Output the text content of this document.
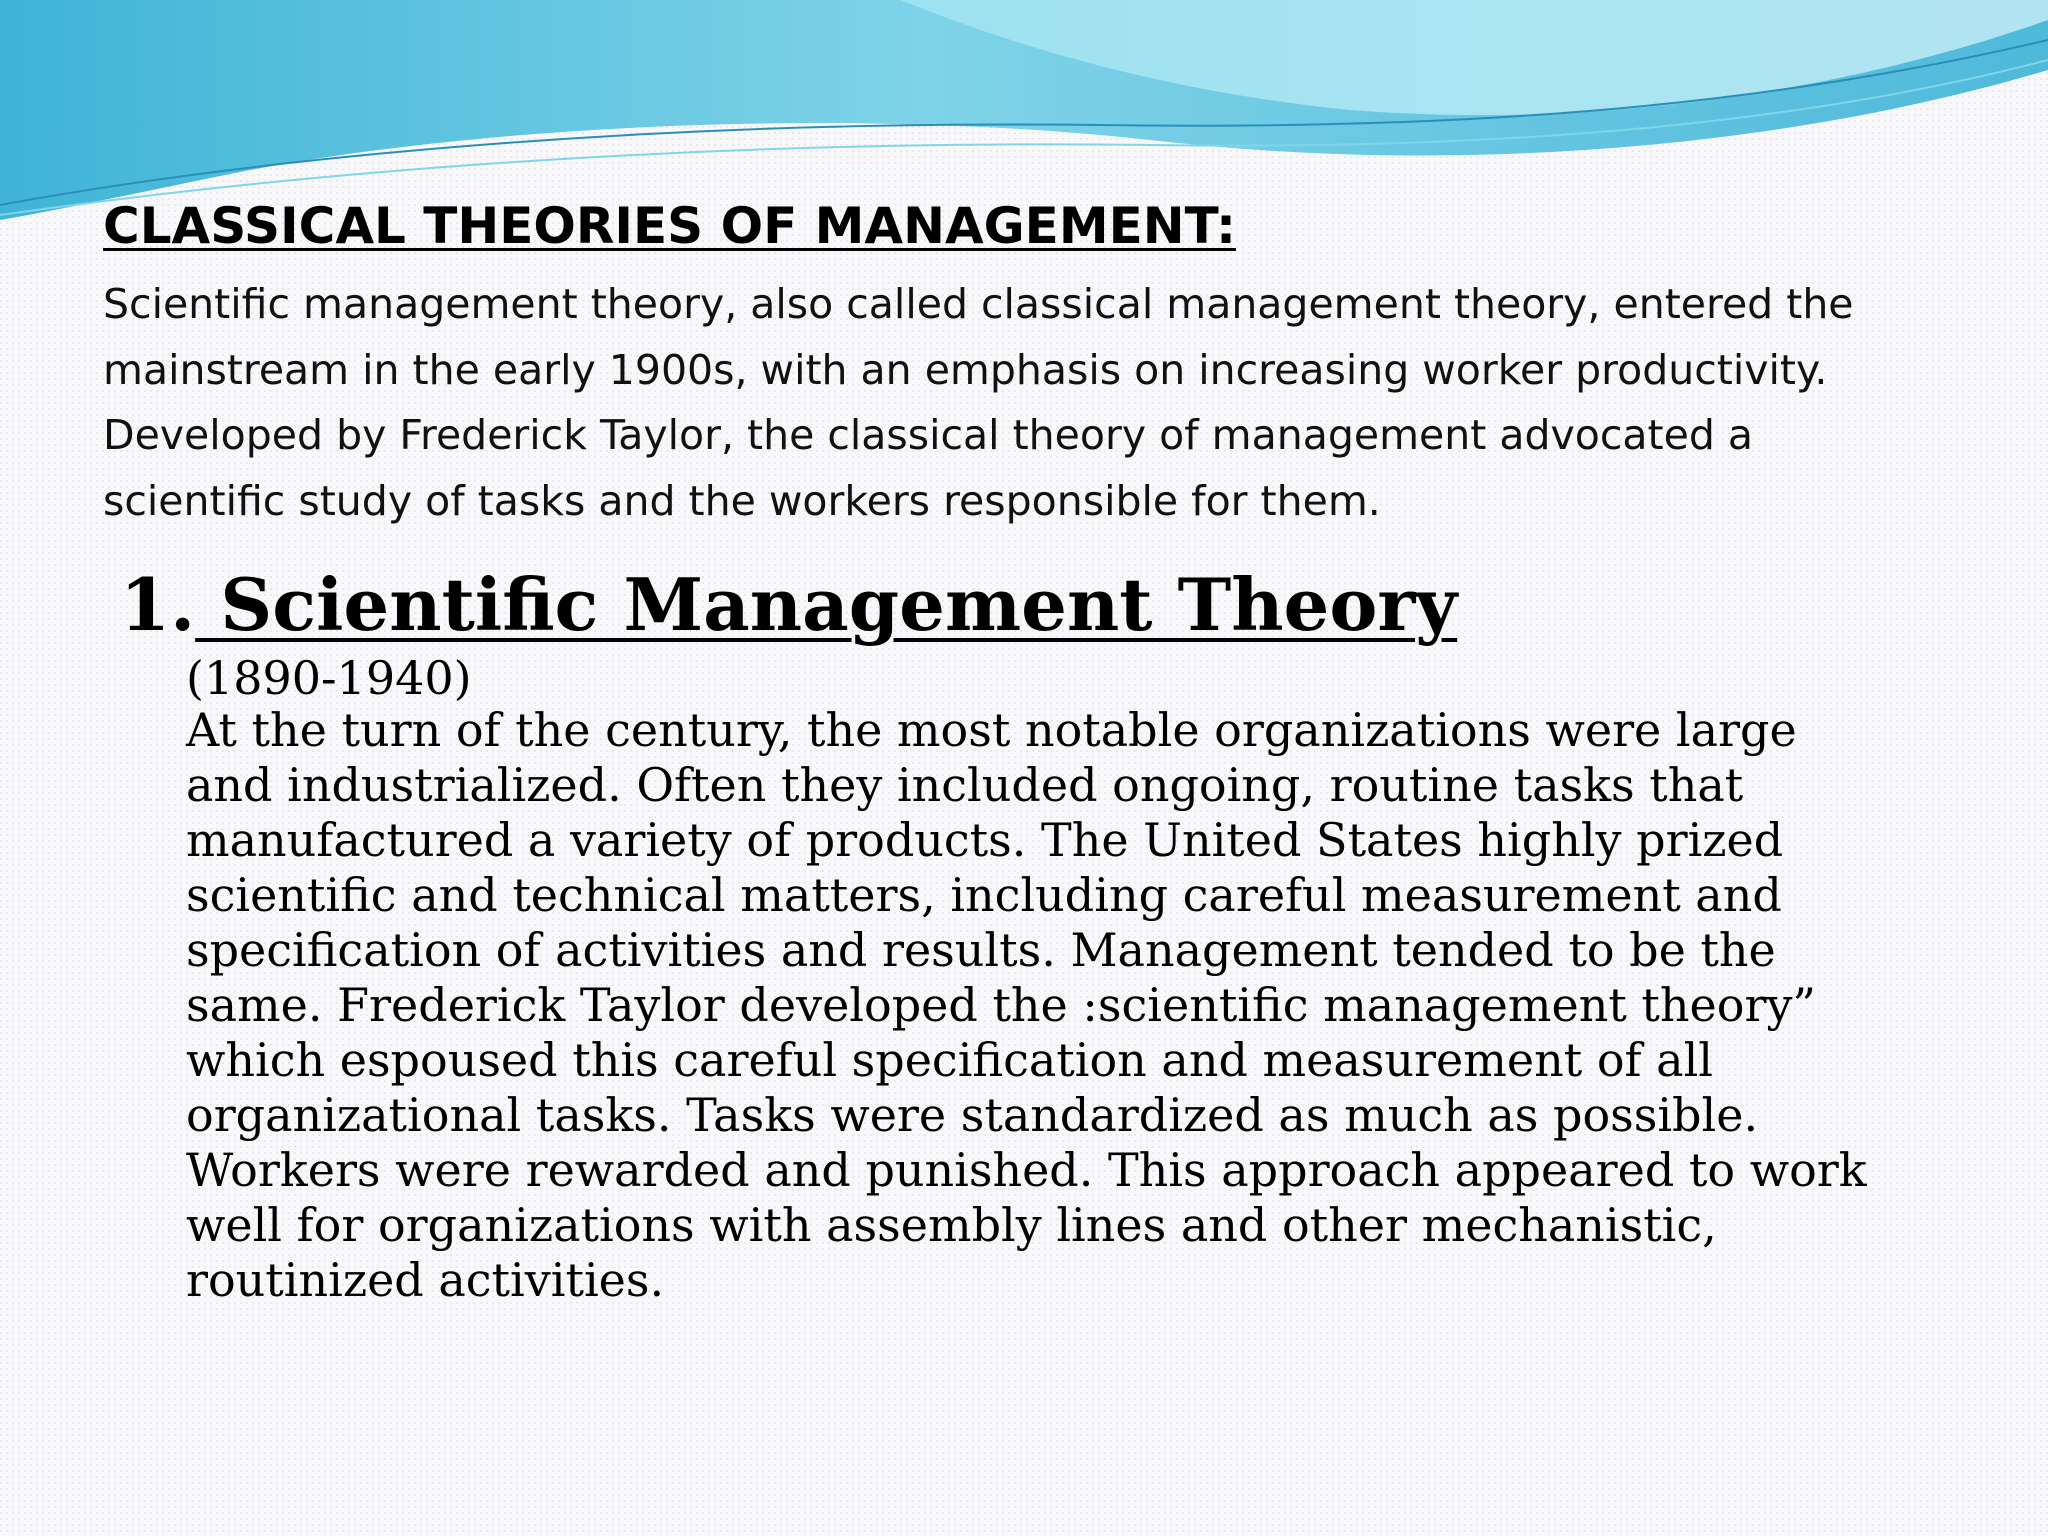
CLASSICAL THEORIES OF MANAGEMENT:

Scientific management theory, also called classical management theory, entered the
mainstream in the early 1900s, with an emphasis on increasing worker productivity.
Developed by Frederick Taylor, the classical theory of management advocated a
scientific study of tasks and the workers responsible for them.

1. Scientific Management Theory

(1890-1940)

At the turn of the century, the most notable organizations were large
and industrialized. Often they included ongoing, routine tasks that
manufactured a variety of products. The United States highly prized
scientific and technical matters, including careful measurement and
specification of activities and results. Management tended to be the
same. Frederick Taylor developed the :scientific management theory”
which espoused this careful specification and measurement of all
organizational tasks. Tasks were standardized as much as possible.
Workers were rewarded and punished. This approach appeared to work
well for organizations with assembly lines and other mechanistic,
routinized activities.
